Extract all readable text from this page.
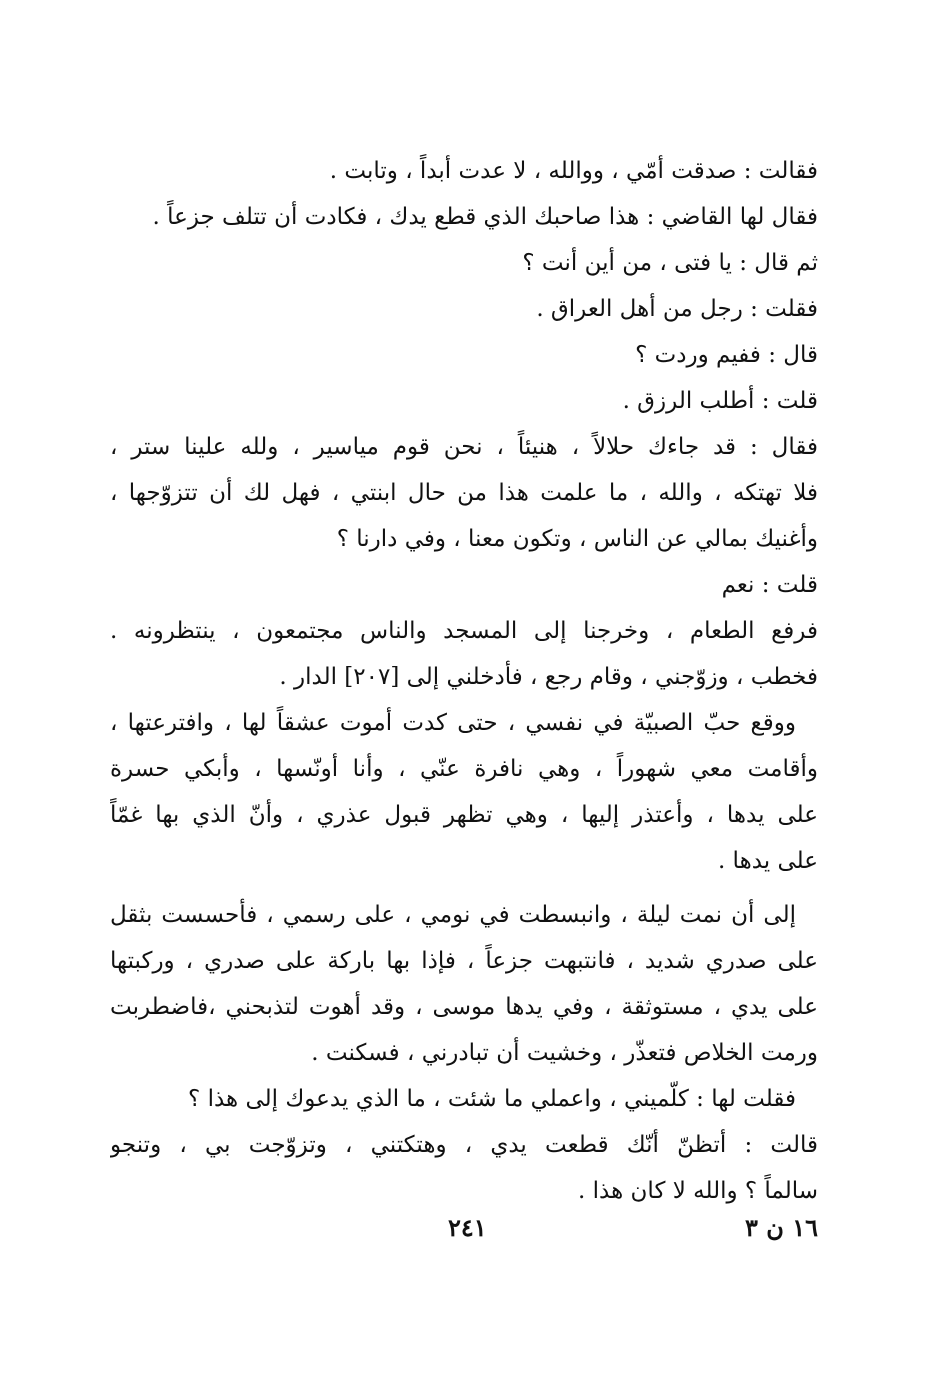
فقالت : صدقت أمّي ، ووالله ، لا عدت أبداً ، وتابت .
فقال لها القاضي : هذا صاحبك الذي قطع يدك ، فكادت أن تتلف جزعاً .
ثم قال : يا فتى ، من أين أنت ؟
فقلت : رجل من أهل العراق .
قال : ففيم وردت ؟
قلت : أطلب الرزق .
فقال : قد جاءك حلالاً ، هنيئاً ، نحن قوم مياسير ، ولله علينا ستر ،
فلا تهتكه ، والله ، ما علمت هذا من حال ابنتي ، فهل لك أن تتزوّجها ،
وأغنيك بمالي عن الناس ، وتكون معنا ، وفي دارنا ؟
قلت : نعم
فرفع الطعام ، وخرجنا إلى المسجد والناس مجتمعون ، ينتظرونه .
فخطب ، وزوّجني ، وقام رجع ، فأدخلني إلى [٢٠٧] الدار .
ووقع حبّ الصبيّة في نفسي ، حتى كدت أموت عشقاً لها ، وافترعتها ،
وأقامت معي شهوراً ، وهي نافرة عنّي ، وأنا أونّسها ، وأبكي حسرة
على يدها ، وأعتذر إليها ، وهي تظهر قبول عذري ، وأنّ الذي بها غمّاً
على يدها .
إلى أن نمت ليلة ، وانبسطت في نومي ، على رسمي ، فأحسست بثقل
على صدري شديد ، فانتبهت جزعاً ، فإذا بها باركة على صدري ، وركبتها
على يدي ، مستوثقة ، وفي يدها موسى ، وقد أهوت لتذبحني ،فاضطربت
ورمت الخلاص فتعذّر ، وخشيت أن تبادرني ، فسكنت .
فقلت لها : كلّميني ، واعملي ما شئت ، ما الذي يدعوك إلى هذا ؟
قالت : أتظنّ أنّك قطعت يدي ، وهتكتني ، وتزوّجت بي ، وتنجو
سالماً ؟ والله لا كان هذا .
١٦ ن ٣
٢٤١
